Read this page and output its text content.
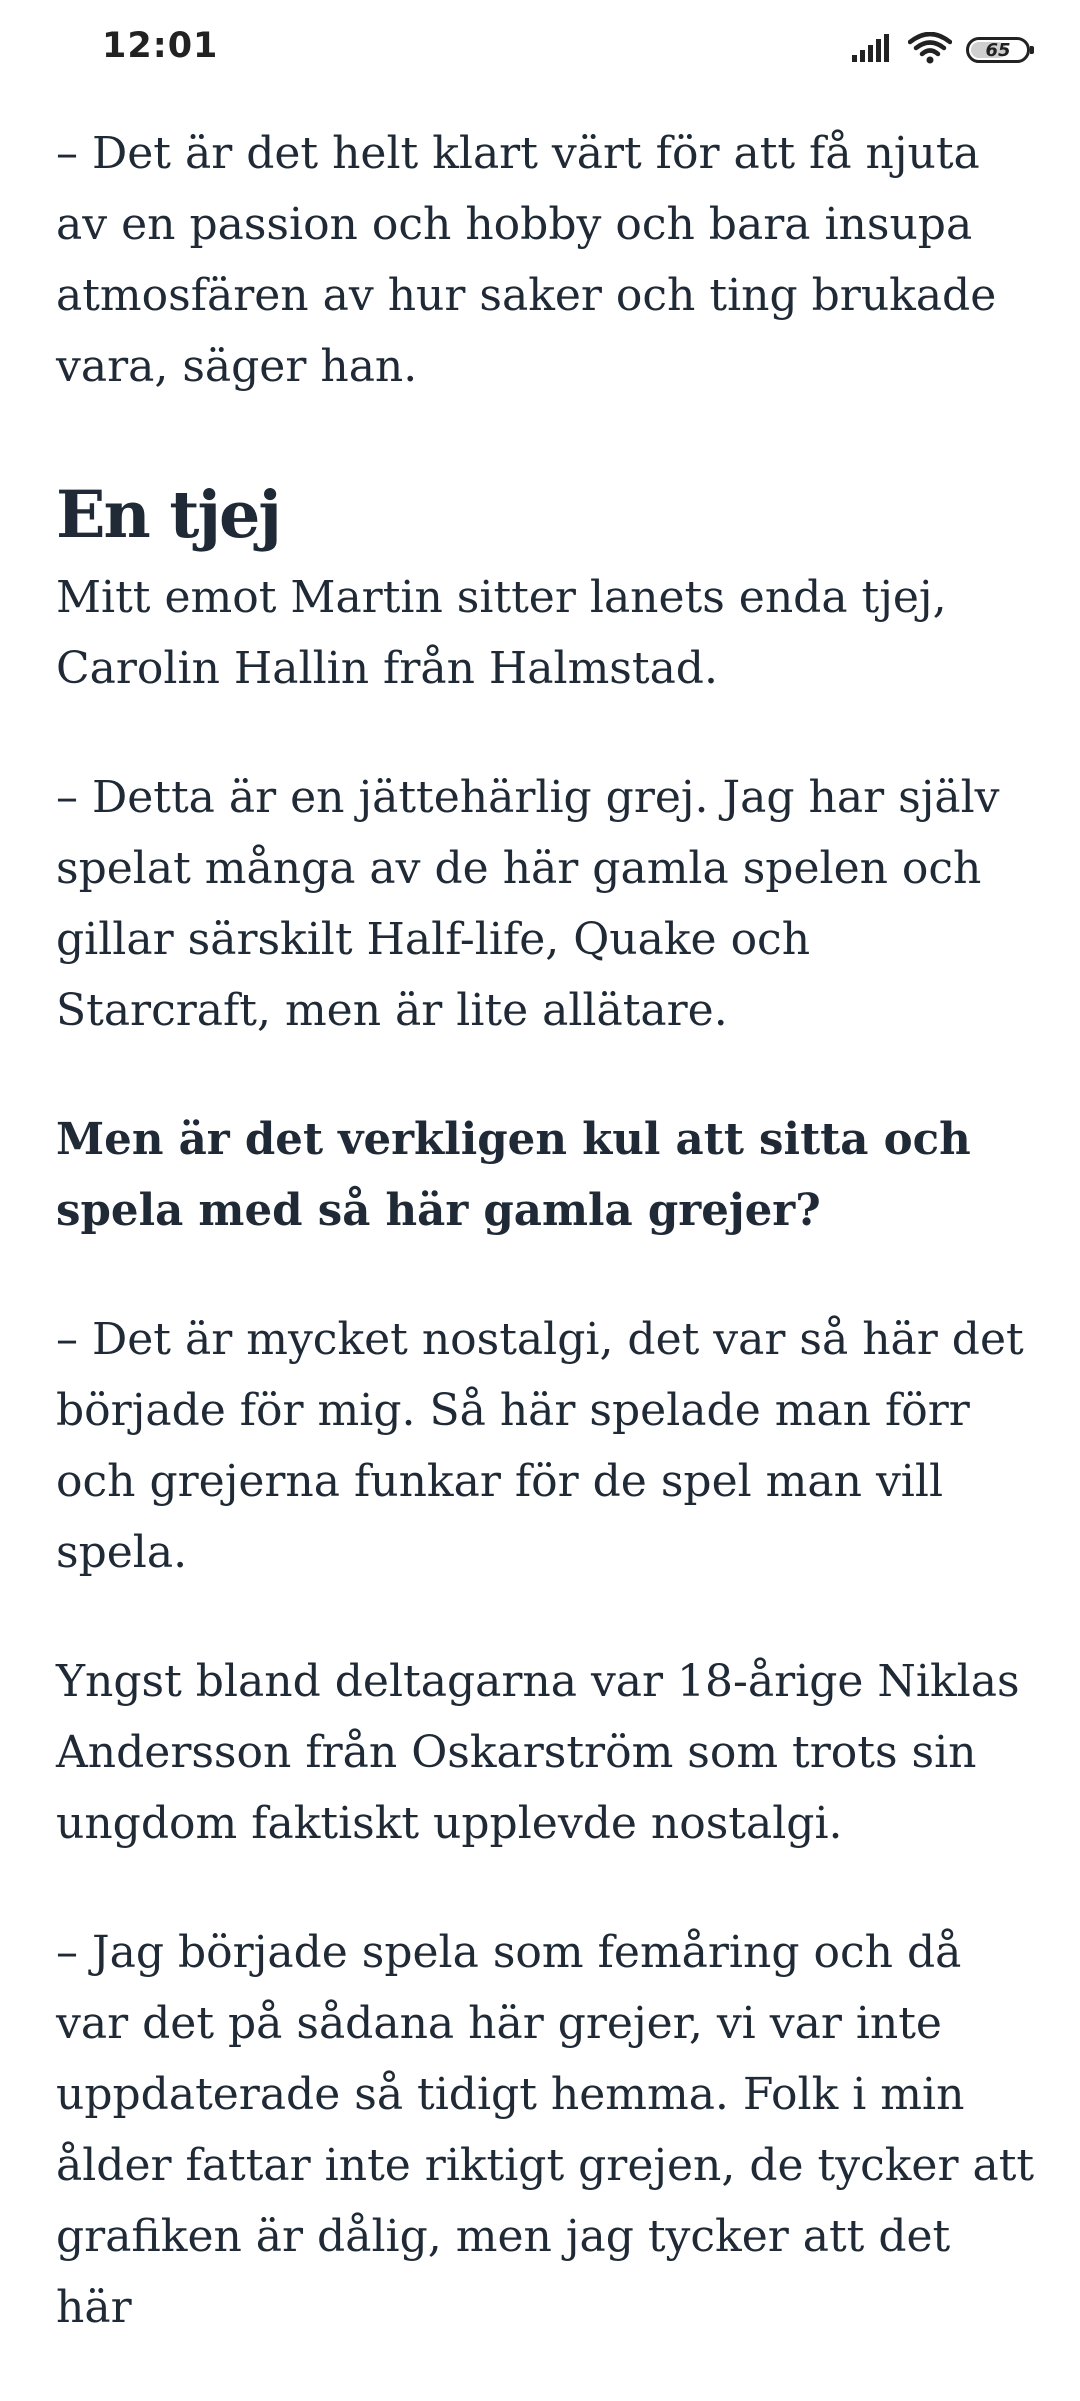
12:01	65

– Det är det helt klart värt för att få njuta av en passion och hobby och bara insupa atmosfären av hur saker och ting brukade vara, säger han.

En tjej

Mitt emot Martin sitter lanets enda tjej, Carolin Hallin från Halmstad.

– Detta är en jättehärlig grej. Jag har själv spelat många av de här gamla spelen och gillar särskilt Half-life, Quake och Starcraft, men är lite allätare.

Men är det verkligen kul att sitta och spela med så här gamla grejer?

– Det är mycket nostalgi, det var så här det började för mig. Så här spelade man förr och grejerna funkar för de spel man vill spela.

Yngst bland deltagarna var 18-årige Niklas Andersson från Oskarström som trots sin ungdom faktiskt upplevde nostalgi.

– Jag började spela som femåring och då var det på sådana här grejer, vi var inte uppdaterade så tidigt hemma. Folk i min ålder fattar inte riktigt grejen, de tycker att grafiken är dålig, men jag tycker att det här
